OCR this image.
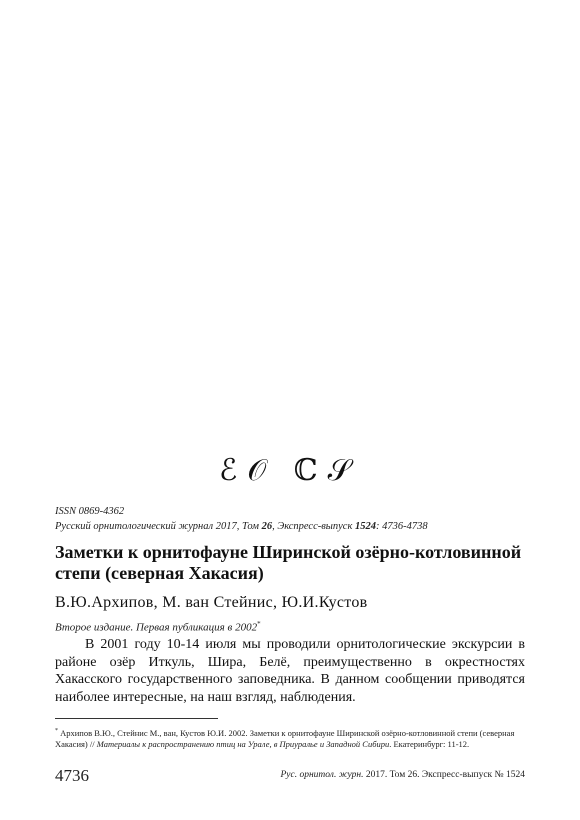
ℰ𝒪 ℂ𝒮
ISSN 0869-4362
Русский орнитологический журнал 2017, Том 26, Экспресс-выпуск 1524: 4736-4738
Заметки к орнитофауне Ширинской озёрно-котловинной степи (северная Хакасия)
В.Ю.Архипов, М. ван Стейнис, Ю.И.Кустов
Второе издание. Первая публикация в 2002*

В 2001 году 10-14 июля мы проводили орнитологические экскурсии в районе озёр Иткуль, Шира, Белё, преимущественно в окрестностях Хакасского государственного заповедника. В данном сообщении приводятся наиболее интересные, на наш взгляд, наблюдения.

* Архипов В.Ю., Стейнис М., ван, Кустов Ю.И. 2002. Заметки к орнитофауне Ширинской озёрно-котловинной степи (северная Хакасия) // Материалы к распространению птиц на Урале, в Приуралье и Западной Сибири. Екатеринбург: 11-12.
4736	Рус. орнитол. журн. 2017. Том 26. Экспресс-выпуск № 1524
